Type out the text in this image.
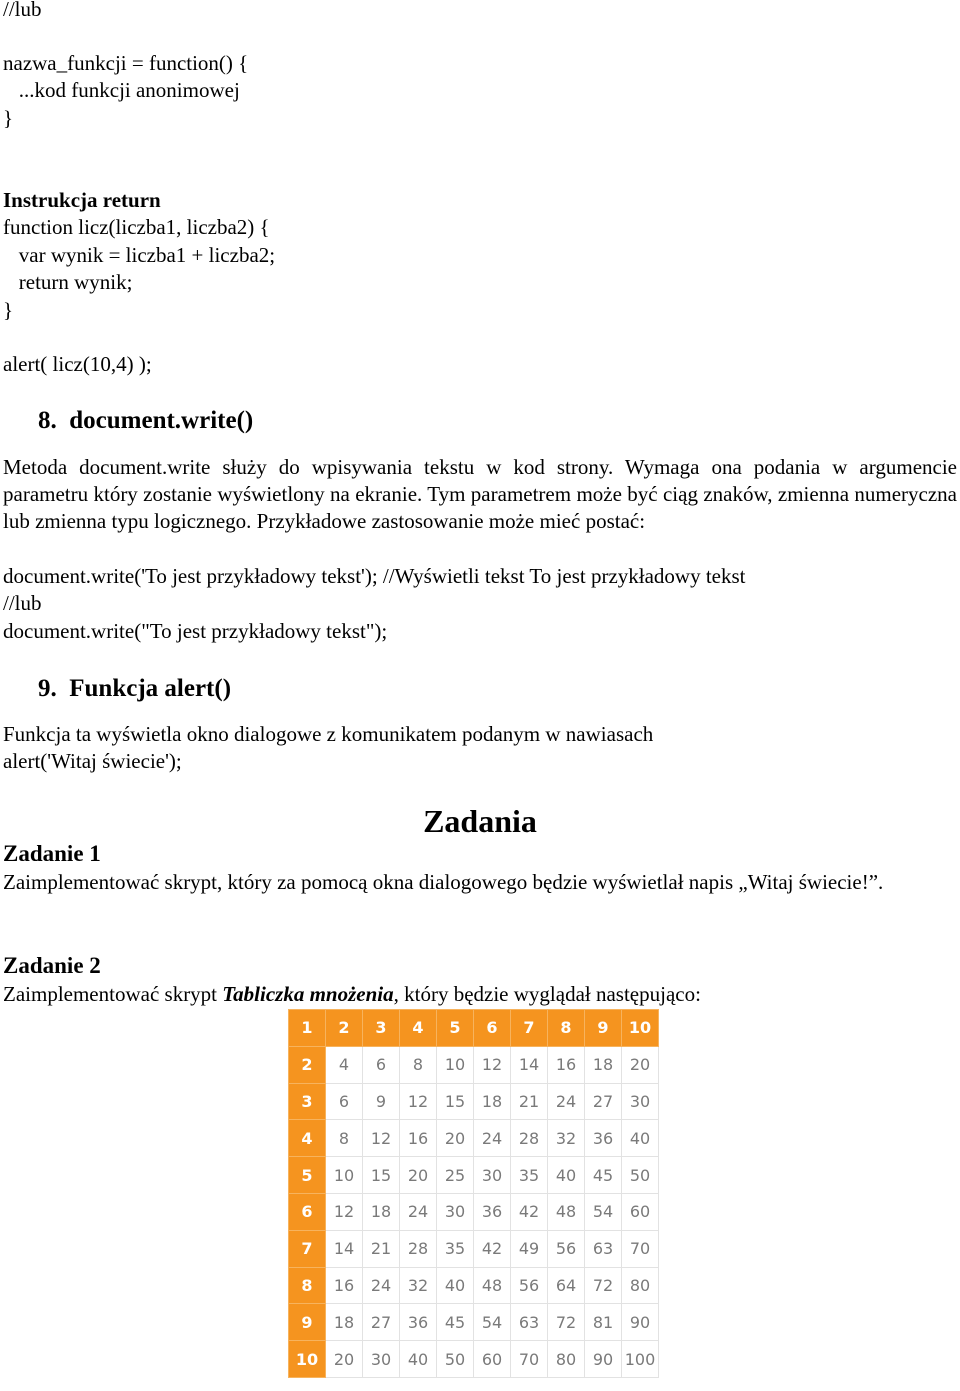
//lub
nazwa_funkcji = function() {
...kod funkcji anonimowej
}
Instrukcja return
function licz(liczba1, liczba2) {
var wynik = liczba1 + liczba2;
return wynik;
}
alert( licz(10,4) );
8.  document.write()
Metoda document.write służy do wpisywania tekstu w kod strony. Wymaga ona podania w argumencie parametru który zostanie wyświetlony na ekranie. Tym parametrem może być ciąg znaków, zmienna numeryczna lub zmienna typu logicznego. Przykładowe zastosowanie może mieć postać:
document.write('To jest przykładowy tekst'); //Wyświetli tekst To jest przykładowy tekst
//lub
document.write("To jest przykładowy tekst");
9.  Funkcja alert()
Funkcja ta wyświetla okno dialogowe z komunikatem podanym w nawiasach
alert('Witaj świecie');
Zadania
Zadanie 1
Zaimplementować skrypt, który za pomocą okna dialogowego będzie wyświetlał napis „Witaj świecie!”.
Zadanie 2
Zaimplementować skrypt Tabliczka mnożenia, który będzie wyglądał następująco:
1	2	3	4	5	6	7	8	9	10
2	4	6	8	10	12	14	16	18	20
3	6	9	12	15	18	21	24	27	30
4	8	12	16	20	24	28	32	36	40
5	10	15	20	25	30	35	40	45	50
6	12	18	24	30	36	42	48	54	60
7	14	21	28	35	42	49	56	63	70
8	16	24	32	40	48	56	64	72	80
9	18	27	36	45	54	63	72	81	90
10	20	30	40	50	60	70	80	90	100
